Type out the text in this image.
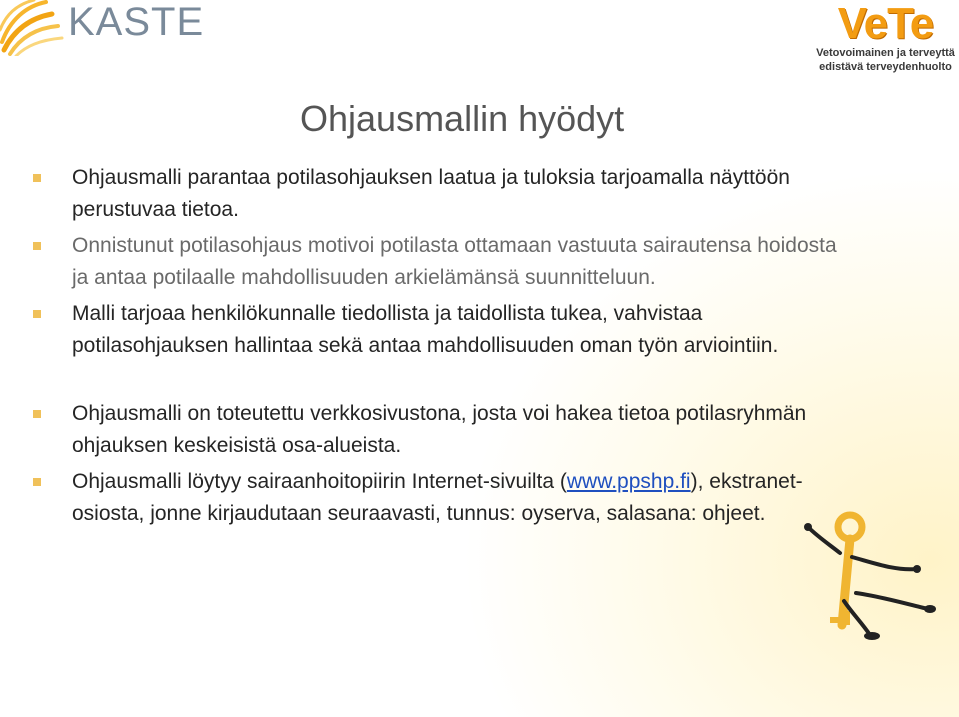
KASTE	VeTe
Vetovoimainen ja terveyttä
edistävä terveydenhuolto
Ohjausmallin hyödyt
Ohjausmalli parantaa potilasohjauksen laatua ja tuloksia tarjoamalla näyttöön perustuvaa tietoa.
Onnistunut potilasohjaus motivoi potilasta ottamaan vastuuta sairautensa hoidosta ja antaa potilaalle mahdollisuuden arkielämänsä suunnitteluun.
Malli tarjoaa henkilökunnalle tiedollista ja taidollista tukea, vahvistaa potilasohjauksen hallintaa sekä antaa mahdollisuuden oman työn arviointiin.
Ohjausmalli on toteutettu verkkosivustona, josta voi hakea tietoa potilasryhmän ohjauksen keskeisistä osa-alueista.
Ohjausmalli löytyy sairaanhoitopiirin Internet-sivuilta (www.ppshp.fi), ekstranet- osiosta, jonne kirjaudutaan seuraavasti, tunnus: oyserva, salasana: ohjeet.
